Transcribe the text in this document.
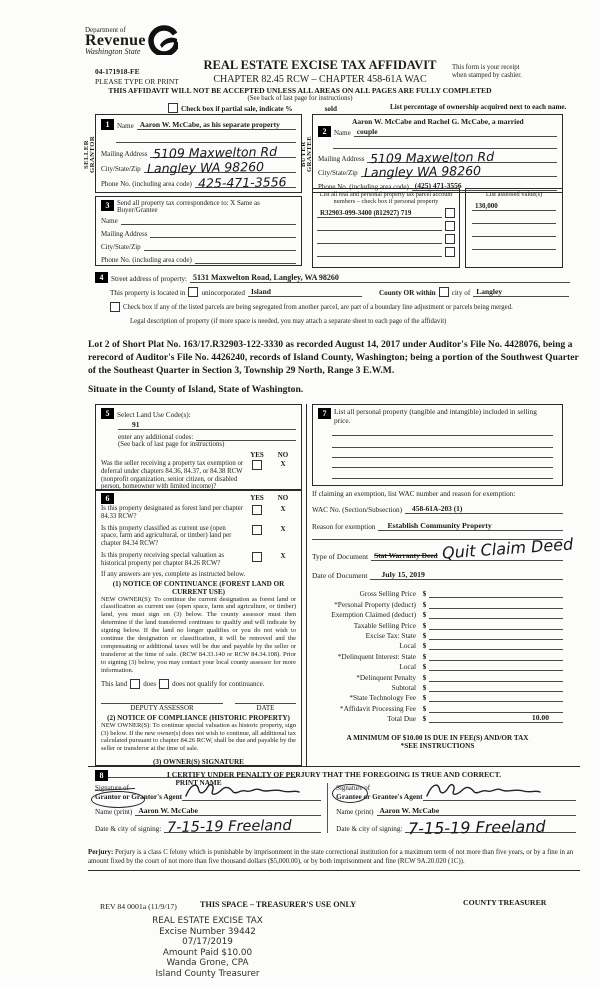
Department of
Revenue
Washington State
04-171918-FE
PLEASE TYPE OR PRINT
REAL ESTATE EXCISE TAX AFFIDAVIT
CHAPTER 82.45 RCW – CHAPTER 458-61A WAC
THIS AFFIDAVIT WILL NOT BE ACCEPTED UNLESS ALL AREAS ON ALL PAGES ARE FULLY COMPLETED
(See back of last page for instructions)
This form is your receipt
when stamped by cashier.
Check box if partial sale, indicate %	sold	List percentage of ownership acquired next to each name.
SELLER
GRANTOR
1	Name Aaron W. McCabe, as his separate property
Mailing Address 5109 Maxwelton Rd
City/State/Zip Langley WA 98260
Phone No. (including area code) 425-471-3556
BUYER
GRANTEE
Aaron W. McCabe and Rachel G. McCabe, a married
2	Name couple
Mailing Address 5109 Maxwelton Rd
City/State/Zip Langley WA 98260
Phone No. (including area code) (425) 471-3556
3	Send all property tax correspondence to: X Same as Buyer/Grantee
Name
Mailing Address
City/State/Zip
Phone No. (including area code)
List all real and personal property tax parcel account
numbers – check box if personal property
R32903-099-3400 (812927) 719
List assessed value(s)
130,000
4	Street address of property: 5131 Maxwelton Road, Langley, WA 98260
This property is located in unincorporated Island	County OR within city of Langley
Check box if any of the listed parcels are being segregated from another parcel, are part of a boundary line adjustment or parcels being merged.
Legal description of property (if more space is needed, you may attach a separate sheet to each page of the affidavit)
Lot 2 of Short Plat No. 163/17.R32903-122-3330 as recorded August 14, 2017 under Auditor's File No. 4428076, being a rerecord of Auditor's File No. 4426240, records of Island County, Washington; being a portion of the Southwest Quarter of the Southeast Quarter in Section 3, Township 29 North, Range 3 E.W.M.
Situate in the County of Island, State of Washington.
5	Select Land Use Code(s):
91
enter any additional codes:
(See back of last page for instructions)
YES	NO
Was the seller receiving a property tax exemption or deferral under chapters 84.36, 84.37, or 84.38 RCW (nonprofit organization, senior citizen, or disabled person, homeowner with limited income)?
X
6	YES	NO
Is this property designated as forest land per chapter 84.33 RCW?
X
Is this property classified as current use (open space, farm and agricultural, or timber) land per chapter 84.34 RCW?
X
Is this property receiving special valuation as historical property per chapter 84.26 RCW?
X
If any answers are yes, complete as instructed below.
(1) NOTICE OF CONTINUANCE (FOREST LAND OR CURRENT USE)
NEW OWNER(S): To continue the current designation as forest land or classification as current use (open space, farm and agriculture, or timber) land, you must sign on (3) below. The county assessor must then determine if the land transferred continues to qualify and will indicate by signing below. If the land no longer qualifies or you do not wish to continue the designation or classification, it will be removed and the compensating or additional taxes will be due and payable by the seller or transferor at the time of sale. (RCW 84.33.140 or RCW 84.34.108). Prior to signing (3) below, you may contact your local county assessor for more information.
This land does does not qualify for continuance.
DEPUTY ASSESSOR	DATE
(2) NOTICE OF COMPLIANCE (HISTORIC PROPERTY)
NEW OWNER(S): To continue special valuation as historic property, sign (3) below. If the new owner(s) does not wish to continue, all additional tax calculated pursuant to chapter 84.26 RCW, shall be due and payable by the seller or transferor at the time of sale.
(3) OWNER(S) SIGNATURE
PRINT NAME
7	List all personal property (tangible and intangible) included in selling price.
If claiming an exemption, list WAC number and reason for exemption:
WAC No. (Section/Subsection)	458-61A-203 (1)
Reason for exemption	Establish Community Property
Type of Document Stat Warranty Deed Quit Claim Deed
Date of Document	July 15, 2019
Gross Selling Price $
*Personal Property (deduct) $
Exemption Claimed (deduct) $
Taxable Selling Price $
Excise Tax: State $
Local $
*Delinquent Interest: State $
Local $
*Delinquent Penalty $
Subtotal $
*State Technology Fee $
*Affidavit Processing Fee $
Total Due $	10.00
A MINIMUM OF $10.00 IS DUE IN FEE(S) AND/OR TAX
*SEE INSTRUCTIONS
8	I CERTIFY UNDER PENALTY OF PERJURY THAT THE FOREGOING IS TRUE AND CORRECT.
Signature of
Grantor or Grantor's Agent
Name (print) Aaron W. McCabe
Date & city of signing: 7-15-19 Freeland
Signature of
Grantee or Grantee's Agent
Name (print) Aaron W. McCabe
Date & city of signing: 7-15-19 Freeland
Perjury: Perjury is a class C felony which is punishable by imprisonment in the state correctional institution for a maximum term of not more than five years, or by a fine in an amount fixed by the court of not more than five thousand dollars ($5,000.00), or by both imprisonment and fine (RCW 9A.20.020 (1C)).
REV 84 0001a (11/9/17)	THIS SPACE – TREASURER'S USE ONLY	COUNTY TREASURER
REAL ESTATE EXCISE TAX
Excise Number 39442
07/17/2019
Amount Paid $10.00
Wanda Grone, CPA
Island County Treasurer
